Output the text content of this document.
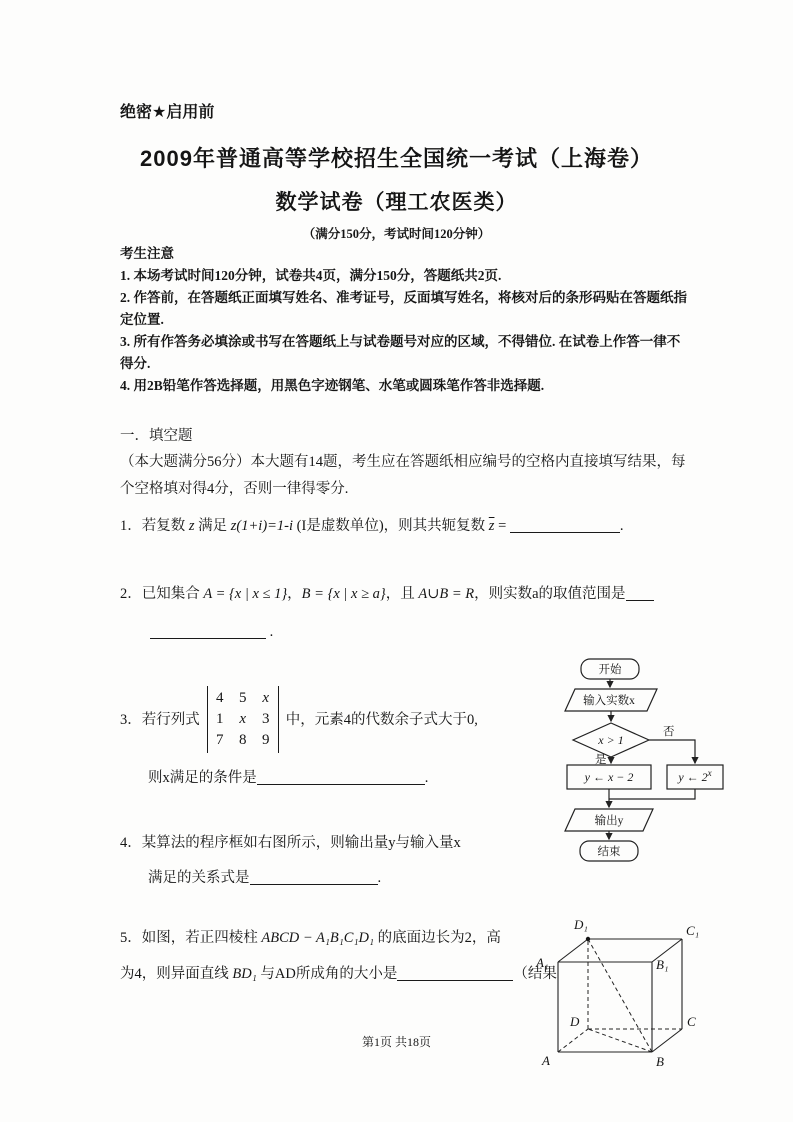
绝密★启用前
2009年普通高等学校招生全国统一考试（上海卷）
数学试卷（理工农医类）
（满分150分，考试时间120分钟）

考生注意

1. 本场考试时间120分钟，试卷共4页，满分150分，答题纸共2页.

2. 作答前，在答题纸正面填写姓名、准考证号，反面填写姓名，将核对后的条形码贴在答题纸指定位置.

3. 所有作答务必填涂或书写在答题纸上与试卷题号对应的区域，不得错位. 在试卷上作答一律不得分.

4. 用2B铅笔作答选择题，用黑色字迹钢笔、水笔或圆珠笔作答非选择题.

一．填空题
（本大题满分56分）本大题有14题，考生应在答题纸相应编号的空格内直接填写结果，每个空格填对得4分，否则一律得零分.
1．若复数 z 满足 z(1+i)=1-i (I是虚数单位)，则其共轭复数 $\overline{z}$ =	.
2．已知集合 A = {x | x ≤ 1}，B = {x | x ≥ a}，且 A∪B = R，则实数a的取值范围是
.
3． 若行列式
4 5 x
1 x 3
7 8 9
中，元素4的代数余子式大于0,
则x满足的条件是	.
4．某算法的程序框如右图所示，则输出量y与输入量x
满足的关系式是	.
5．如图，若正四棱柱 ABCD − A₁B₁C₁D₁ 的底面边长为2，高
为4，则异面直线 BD₁ 与AD所成角的大小是	（结果
开始
输入实数x
x > 1
否
是
y ← x − 2	y ← 2$^x$
输出y
结束
D₁	C₁
A₁	B₁
D	C
A	B
第1页 共18页
